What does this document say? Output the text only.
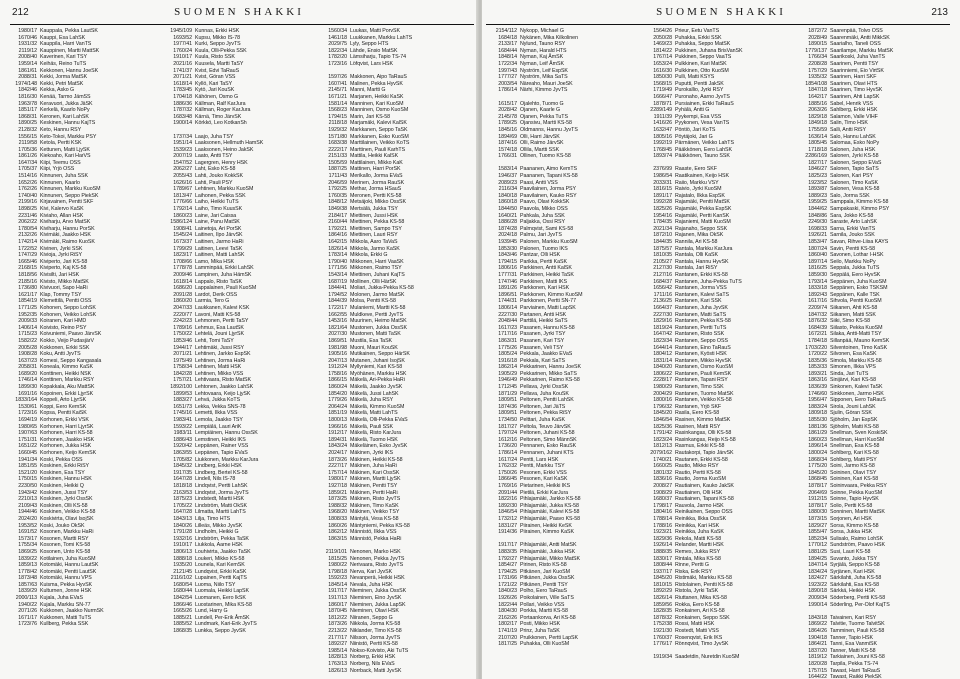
212	SUOMEN SHAKKI
1980/17 Kauppala, Pekka LautSK
1670/46 Kauppi, Esa LahSK
1931/32 Kauppila, Harri VanTS
2119/12 Kauppinen, Martti MattSK
2008/40 Kaverinen, Kari TSY
1959/14 Keihäs, Reino TuTS
1861/61 Kekkonen, Hannu JoeSK
2088/31 Kekki, Jorma MatSK
1974/148 Kekki, Petri MatSK
1842/46 Kekka, Asko G
1816/30 Kenää, Tarmo JämSS
1963/78 Keravuori, Jukka JäSK
1851/17 Kerkelä, Kaarlo NoPy
1868/31 Keronen, Kari LahSK
1890/25 Keskinen, Hannu KajTS
2128/32 Keto, Hannu RSY
1556/15 Keto-Tokoi, Markku PSY
2119/58 Ketola, Pertti KSK
1705/36 Kettunen, Matti LjySK
1861/26 Kiekoaho, Kari HarVS
1647/34 Kiipi, Teemu OSS
1705/37 Kiipi, Yrjö OSS
1514/16 Kinnunen, Juha SSK
1652/26 Kinnunen, Kaarlo
1762/26 Kinnunen, Markku KuoSM
1740/40 Kinnunen, Seppo PiekSK
2199/16 Kirjavainen, Pentti SKF
1898/25 Kivi, Kalervo KaSK
2231/46 Kiviaho, Allan HSK
2062/22 Kiviharju, Arvo MatSK
1780/54 Kiviharju, Hannu PorSK
2132/26 Kivimäki, Jaakko HSK
1742/14 Kivimäki, Raimo KuoSK
1722/52 Kivinen, Jyrki SSK
1747/29 Kivioja, Jyrki RiSY
1665/46 Kiviperto, Jari KS-58
2168/15 Kiviperto, Kaj KS-58
1818/56 Kivisilti, Jari HSK
2185/16 Kivisto, Mikko MatSK
1736/80 Kivivuori, Sapo HaRi
1621/17 Klap, Tommy TSY
1854/19 Klemettilä, Pentti OSS
1771/25 Kohonen, Seppo LohSK
1952/35 Kohonen, Veikko LohSK
2009/33 Koiranen, Kari HMD
1406/14 Koivisto, Reino PSY
1715/23 Koivuniemi, Paavo JärvSK
1582/22 Kokko, Veijo PudasjärV
2005/28 Kokkonen, Erkki SSK
1908/28 Koku, Antti JyvTS
1637/23 Komesi, Seppo Kangasala
2058/31 Koneala, Kimmo KaSK
1689/20 Konttinen, Heikki NSK
1746/14 Konttinen, Markku RSY
1899/30 Kopakkala, Aku MattSK
1691/16 Kopoinen, Erkki LjyrSK
1833/164 Koppeli, Arto LjyrSK
1530/61 Koppi, Eero KemSK
1723/16 Kopsa, Pentti KaiSK
1694/19 Korhonen, Erkki VSK
1980/65 Korhonen, Harri LjyrSK
1907/63 Korhonen, Harri KS-58
1751/31 Korhonen, Jaakko HSK
1651/22 Korhonen, Jukka HSK
1660/45 Korhonen, Keijo KemSK
1941/34 Koski, Pekka OSS
1851/55 Koskinen, Erkki RiSY
1521/20 Koskinen, Esa TSY
1750/15 Koskinen, Hannu HSK
2230/50 Koskinen, Heikki Q
1943/42 Koskinen, Jussi TSY
2210/13 Koskinen, Jyrki OssSK
2109/43 Koskinen, Olli KS-58
1944/46 Koskinen, Veikko KS-58
2024/20 Koskivirta, Olavi IsojSK
1953/52 Koski, Jouko OkSK
1691/52 Kosonen, Markku HaRi
1573/17 Kosonen, Martti RSY
1755/34 Kosonen, Tomi KS-58
1869/25 Kosonen, Unto KS-58
1839/22 Kotilainen, Juha KuoSM
1859/13 Kotomäki, Hannu LautSK
1778/42 Kotomäki, Pentti LautSK
1873/48 Kotomäki, Hannu VPS
1857/63 Kuisma, Pekka HyvSK
1839/29 Kulturnen, Jonne HSK
2000/113 Kujala, Juha EVaS
1940/22 Kujala, Markku SN-77
2071/26 Kukkonen, Jaakko NurmSK
1671/17 Kukkonen, Matti TuTS
1723/76 Kullberg, Pekka SSK
1945/109 Kunnas, Erkki HSK
1693/52 Kupsu, Mikko IS-78
1977/41 Kurki, Seppo JyvTS
1760/24 Kuula, Olli-Pekka SSK
1910/17 Kuula, Risto SSK
2021/16 Kuusela, Martti TaSY
1741/37 Kvist, Edvi TaRauS
2071/21 Kvist, Göran VSS
1618/14 Kyllö, Kari TaSY
1783/45 Kytö, Jari KouSK
1704/18 Kähönen, Osmo G
1886/36 Källman, Ralf KarJura
1787/32 Källman, Roger KarJura
1683/48 Kärnä, Timo JärvSK
1900/14 Körkkö, Leo KotkanSh

1737/34 Laajo, Juha TSY
1951/14 Laaksonen, Hellmuth HamSK
1539/23 Laaksonen, Heino JakSK
2007/19 Laato, Antti TSY
1547/52 Lagergren, Henry HSK
2062/27 Laht, Esko KS-58
2055/43 Lahti, Jouko KokkSK
1626/16 Lahti, Pauli PSY
1789/67 Lehtinen, Markku KuoSM
1813/47 Laihonen, Pekka SSK
1776/66 Laiho, Heikki TuTS
1792/14 Laiho, Timo KuusSK
1860/23 Laine, Jari Caissa
1586/124 Laine, Panu MatSK
1908/41 Lainetoja, Ari PorSK
1545/24 Laitinen, Ilpo JärvSK
1673/37 Laitinen, Jarmo HaRi
1799/29 Laitinen, Leevi TaSK
1823/17 Laitinen, Matti LahSK
1708/66 Lamo, Mika HSK
1778/78 Lamminpää, Erkki LahSK
2009/46 Lampinen, Juha HämSK
1618/14 Lappalo, Risto TaSK
1686/20 Lappalainen, Pauli KuoSM
2091/28 Lardot, Derik OSS
1860/20 Larmia, Tero G
2047/33 Laukkanen, Kalevi KSK
2220/77 Lavoni, Matti KS-58
2242/23 Lehmonen, Pertti TaSY
1789/16 Lehmus, Esa LautSK
1750/22 Lehtelä, Jouni LjyrSK
1853/46 Lehti, Tomi TaSY
1944/17 Lehtimäki, Jussi RSY
2071/21 Lehtinen, Jarkko EspSK
1975/49 Lehtinen, Jorma HaRi
1758/34 Lehtinen, Matti HSK
1842/28 Lehtinen, Mikko VSS
1757/21 Lehtivaara, Risto MatSK
1892/100 Lehtonen, Jaakko LahSK
1899/53 Lehtovaara, Keijo LjySK
1883/27 Lehvä, Jukka KoTS
1651/73 Lekka, Vekka SNS-78
1745/16 Lemetti, Ilkka VSS
1983/41 Lemola, Jaakko TSY
1593/22 Lempiälä, Lauri AriK
1983/11 Lempiäinen, Hannu OssSK
1886/43 Lemstinen, Heikki IKS
1920/42 Leppänen, Rainer VSS
1863/55 Leppänen, Tapio EVaS
1705/82 Liukkonen, Markku KarJura
1845/32 Lindberg, Erkki HSK
1917/35 Lindberg, Bertel KS-58
1647/28 Lindell, Nils IS-78
1818/18 Lindqvist, Pertti LahSK
2163/53 Lindqvist, Jorma JyvTS
1875/23 Lindstedt, Martti HSK
1705/22 Lindström, Matti OkSK
1647/28 Lilmatta, Martti LahTS
1843/13 Lilja, Timo HTS
1840/26 Lilleäs, Mikko JyvSK
1791/28 Lindholm, Heikki G
1932/16 Lindström, Pekka TaSK
1910/17 Liukkola, Aarne HSK
1806/13 Louhivirta, Jaakko TaSK
1888/18 Loukeri, Mikko KS-58
1935/20 Lounela, Kari KemSK
2121/45 Lundqvist, Erkki KaSK
2116/102 Lupainen, Pertti KajTS
1680/54 Luoma, Niilo TSY
1680/44 Luomala, Heikki LapSK
1842/54 Luomanen, Eero IkSK
1866/46 Luostarinen, Mika KS-58
1665/26 Lund, Harry G
1885/21 Lundell, Per-Erik ÅmSK
1885/52 Lundmark, Kari-Erik JyvTS
1868/35 Lunkka, Seppo JyvSK
1560/34 Luukas, Matti PorvSK
1461/18 Luukkanen, Markku LahTS
2029/75 Lyly, Seppo HTS
1822/34 Lähde, Ensio MatSK
1782/20 Lämsiharju, Tapio TS-74
1723/16 Löfqvist, Lars HSK

1597/26 Makkonen, Aipo TaRauS
1607/41 Malinen, Pekka HyvSK
2145/71 Manni, Martti G
1671/21 Marjanen, Heikki KaSK
1581/14 Manninen, Kari KuoSM
1568/23 Manninen, Osmo KuoSM
1794/15 Marin, Jari KS-58
2118/18 Marjamäki, Kalevi KalSK
1929/32 Markkanen, Seppo TaSK
1571/80 Markkanen, Esko KuoSM
1683/38 Marttilainen, Veikko KoTS
2222/17 Marttinen, Pauli KarhTS
2151/33 Mattila, Heikki KalSK
1505/59 Mattilainen, Mikko KaK
1887/25 Mattinen, Harri PorSK
1711/43 Merikallo, Jorma EVaS
2046/59 Merinen, Jorma RauSK
1792/25 Methar, Jorma HSauS
1760/35 Meronen, Pertti KS-58
1848/12 Metsäjoki, Mikko OssSK
1849/38 Mertsälä, Jukka TSY
2184/17 Miettinen, Jussi HSK
2160/44 Miettinen, Pekka KS-58
1792/21 Miettinen, Sampo TSY
1864/16 Miettinen, Lauri RSY
1642/15 Mikkola, Aaro TaVaS
1826/14 Mikkola, Jarmo KaSK
1783/14 Mikkola, Erkki G
1790/40 Mikkonen, Harri VaaSK
1771/56 Mikkonen, Raimo TSY
1543/14 Miettinen, Juhani KajTS
1687/19 Mollinen, Olli HärSK
1844/41 Moliari, Jukka-Pekka KS-58
1794/52 Molonen, Jarmo MatSK
1844/39 Molsa, Pentti KS-58
1722/17 Mulaniemi, Martti KS-58
1662/55 Muldkeve, Pertti JyvTS
1453/16 Muurinen, Heimo MatSK
1821/64 Mustonen, Jukka OssSK
2027/30 Mustonen, Matti TaSK
1869/51 Mustila, Esa TaSK
1981/98 Muoni, Mauri KouSK
1905/16 Mutikainen, Seppo HärSK
2047/13 Mutanen, Juhani IsojSK
1912/24 Myllyniemi, Kari KS-58
1758/16 Myöhänen, Markku HSK
1866/15 Mäkelä, Ari-Pekka HaRi
1860/24 Mäkelä, Jaakko JyvSK
1854/20 Mäkelä, Jussi LahSK
1779/26 Mäkelä, Juha RSY
2064/24 Mäkelä, Kimmo KuoSM
1851/19 Mäkelä, Matti LahTS
1800/13 Mäkelä, Olli-Pekka EVaS
1966/16 Mäkelä, Pauli SSK
1912/17 Mäkelä, Risto KarJura
1894/31 Mäkelä, Tuomo HSK
1843/24 Mäkeläinen, Esko JyvSK
2024/17 Mäkinen, Jyrki IKS
1873/26 Mäkinen, Heikki KS-58
2227/17 Mäkinen, Juha HaRi
1757/14 Mäkinen, Kari OssSK
1980/17 Mäkinen, Martti LjySK
1927/18 Mäkinen, Pentti TSY
1859/21 Mäkinen, Pertti HaRi
1873/25 Mäkinen, Risto JyvTS
1988/32 Mäkinen, Timo KaSK
1968/20 Mäkinen, Veikko TSY
1808/33 Mäntylä, Vesa KS-58
1860/26 Mäntyniemi, Pekka KS-58
1862/12 Männistö, Ilkka VSS
1863/15 Männistö, Pekka HaRi

2119/101 Nenonen, Marko HSK
1815/25 Nenonen, Pekka JyvTS
1980/22 Nerivaara, Risto JyvTS
1798/18 Nerva, Kari JyvSK
1592/23 Nevanperä, Heikki HSK
1845/14 Nevala, Juha HSK
1917/17 Nieminen, Jukka OssSK
1917/13 Nieminen, Eino JyvSK
1860/17 Nieminen, Jukka LapSK
1870/45 Nieminen, Olavi HSK
1812/22 Niiranen, Seppo G
1873/26 Nikkola, Jorma KS-58
2213/22 Niklander, Timo KS-58
2177/17 Nilsson, Jorma JyvTS
1892/27 Niinistö, Pertti KS-58
1985/14 Nokso-Koivisto, Aki TuTS
1828/13 Norberg, Erkki HSK
1763/13 Norberg, Nils EVaS
1826/13 Norrback, Matti JyvSK
SUOMEN SHAKKI	213
2154/112 Nykopp, Michael G
1684/18 Nykänen, Mika Kilkolinen
2133/17 Nylund, Tauno RSY
1684/44 Nyman, Harald HTS
1848/14 Nyman, Kaj ÅmSK
1722/34 Nyman, Leif ÅmSK
1997/43 Nyström, Leif EspSK
1777/27 Nyström, Mika SaTS
2003/54 Näreaho, Mauri JoeSK
1786/14 Närhi, Kimmo JyvTS

1615/17 Ojalehto, Tuomo G
2028/42 Ojanen, Kaarle G
2145/78 Ojanen, Pekka TuTS
1789/25 Ojansivu, Martti KS-58
1845/16 Oldmanns, Hannu JyvTS
1894/69 Olli, Harri JärvSK
1874/16 Olli, Raimo JärvSK
1574/18 Ollila, Martti SSK
1766/31 Ollinen, Tuomo KS-58

1583/14 Paananen, Aimo KemTS
1946/37 Paananen, Tapani KS-58
2089/23 Paasi, Antti VSS
2116/34 Paavilainen, Jorma PSY
1840/18 Paavilainen, Kauko RSY
1860/18 Paavo, Olavi KokkSK
1844/50 Paavola, Mikko OSS
1640/21 Pahkala, Juha SSK
1886/28 Paljakka, Ossi RSY
1874/28 Palmqvist, Sami KS-58
2024/18 Palmu, Jari JyvTS
1939/45 Palonen, Markku KuoSM
1853/30 Palonen, Tuomo IKS
1843/46 Pantzar, Olli HSK
1794/15 Parikka, Pertti KaSK
1806/16 Parkkinen, Antti KalSK
1777/31 Parkkinen, Heikki TaSK
1747/46 Parkkinen, Matti IKS
1891/26 Parkkonen, Kari HSK
1896/51 Parkkonen, Kimmo KuoSM
1744/31 Parkkonen, Pertti SN-77
1806/14 Parviainen, Matti LapSK
2227/30 Partanen, Antti HSK
2048/44 Parttilä, Heikki SaTS
1617/23 Pasanen, Hannu KS-58
1717/16 Pasanen, Jyrki TSY
1863/31 Pasanen, Kari TSY
1775/26 Pasanen, Veli TSY
1805/24 Pekkala, Jaakko EVaS
1916/18 Pekkala, Kari SaTS
1862/14 Pekkarinen, Hannu JoeSK
1905/29 Pekkarinen, Mikko SaTS
1946/49 Pekkarinen, Raimo KS-58
1712/45 Pellava, Jyrki OssSK
1871/29 Pellava, Juha KouSK
1809/51 Peltonen, Pentti LahSK
1874/36 Peltonen, Jari JäTS
1809/51 Peltonen, Pekka RiSY
1734/50 Pelttari, Juha KaSK
1817/27 Peltola, Teuvo JärvSK
1797/24 Peltonen, Juhani KS-58
1612/16 Peltonen, Simo MännSK
1736/20 Pennanen, Esko RauSK
1786/14 Pennanen, Juhani KTS
1617/24 Pentti, Lars HSK
1762/32 Pentti, Markku TSY
1750/26 Pesonen, Erkki VSS
1866/45 Pesonen, Kari KaSK
1769/16 Pietarinen, Heikki IKS
2091/44 Pietilä, Erkki KarJura
1822/16 Pihlajamäki, Jarkko KS-58
1892/30 Pihlajamäki, Jukka KS-58
1846/54 Pihlajamäki, Kalevi KS-58
1732/12 Pihlajamäki, Paavo KS-58
1831/27 Piirainen, Heikki KeSK
1914/36 Piirainen, Kimmo KaSK

1917/17 Pihlajamäki, Antti MatSK
1883/35 Pihlajamäki, Jukka HSK
1792/27 Pihlajamäki, Mikko MatSK
1854/27 Pirinen, Risto KS-58
1794/25 Pitkänen, Jari KuoSM
1731/66 Pitkänen, Jukka OssSK
1721/22 Pitkänen, Pentti TSY
1840/23 Polho, Eero TaRauS
1926/26 Poikolainen, Ville SaTS
1822/44 Pollari, Veikko VSS
1804/30 Porkka, Martti KS-58
2162/26 Portaankorva, Ari KS-58
1802/17 Posti, Mikko HSK
1741/19 Prinz, Juha TaSK
2107/20 Pruikkonen, Pertti LapSK
1817/25 Puhakka, Olli KuoSM
1564/26 Prieur, Eetu VanTS
2050/28 Puhakka, Erkki SSK
1469/23 Puhakka, Seppo MatSK
1814/22 Pukkinen, Juhana BrisVanSK
1767/14 Pukkinen, Seppo VaaTS
1653/24 Pulkkinen, Kari MatSK
1616/30 Pulkkinen, Otto KuoSM
1850/30 Pulli, Matti KSYS
1568/15 Puputti, Pentti JakSK
1719/49 Purokallio, Jyrki RSY
1666/47 Puronaho, Aarno JyvTS
1878/71 Pursiainen, Erkki TaRauS
2289/149 Pyhälä, Antti G
1911/39 Pyykempi, Esa VSS
1416/26 Pyykonen, Vesa VanTS
1632/47 Pöntiö, Jari KoTS
1805/16 Pöytäjoki, Jari G
1992/19 Pärmänen, Veikko LahTS
1768/45 Pääkkönen, Eero LahSK
1893/74 Pääkkönen, Tauno SSK

2376/99 Raaste, Eero SKF
1986/54 Raatikainen, Keijo HSK
2033/31 Raiio, Markku VSY
1816/15 Raivio, Jyrki KuoSM
1891/17 Rajatalo, Ilkka EspSK
1992/28 Rajamäki, Pentti MatSK
1825/26 Rajamäki, Pekka EspSK
1954/16 Rajamäki, Pertti KanSK
1784/35 Rajaniemi, Matti KuoSM
2021/34 Rajanaho, Seppo SSK
1872/10 Rajanen, Mika OkSK
1844/35 Rannila, Ari KS-58
1875/57 Rantala, Markku KarJura
1810/35 Rantala, Olli KaSK
2105/27 Rantala, Hannu HyvSK
2127/30 Rantala, Jari RiSY
2127/16 Rantanen, Erkki KS-58
1684/37 Rantanen, Juha-Pekka TuTS
1656/42 Rantanen, Jorma VSS
1711/16 Rantanen, Kalevi SaTS
2136/25 Rantanen, Kari SSK
1664/37 Rantanen, Juha JyvSK
2227/30 Rantanen, Matti SaTS
1829/16 Rantanen, Pekka KS-58
1819/24 Rantanen, Pertti TuTS
1647/42 Rantanen, Risto SSK
1823/34 Rantanen, Seppo OSS
1644/14 Rantanen, Eino TaRauS
1804/12 Rantanen, Kyösti HSK
1831/14 Rantanen, Mikko HyvSK
1840/20 Rantanen, Osmo KuoSM
1806/22 Rantanen, Pauli KemSK
2228/17 Rantanen, Tapani RSY
1980/29 Rantanen, Timo SSK
2004/29 Rantanen, Tuomo MatSK
1800/16 Rantanen, Veikko KS-58
1796/32 Rantanen, Yrjö SKF
1845/20 Rasila, Eero KS-58
1846/54 Rasinen, Kimmo MatSK
1825/36 Rasinen, Matti RSY
1791/42 Rasinkangas, Olli KS-58
1823/24 Rasinkangas, Reijo KS-58
1812/13 Rasmus, Erkki KS-58
2079/162 Rautakorpi, Tapio JärvSK
1740/21 Rautanen, Erkki KS-58
1660/25 Rautio, Mikko RSY
1801/32 Rautio, Pertti KS-58
1836/16 Rautio, Jorma KuoSM
2008/27 Rautiainen, Kauko JakSK
1908/29 Rautiainen, Olli HSK
1680/37 Rautiainen, Tapani KS-58
1798/17 Rauvola, Jarmo HSK
1804/16 Reinikainen, Seppo OSS
1788/14 Reinikka, Ilkka OssSK
1788/16 Reinikka, Kari HSK
1923/21 Reinikka, Juha KaSK
1829/36 Rekola, Matti KS-58
1926/14 Relander, Martti HSK
1888/35 Remes, Jukka RSY
1830/17 Rintala, Mika KS-58
1808/44 Rinne, Pertti G
1937/17 Riska, Erik RSY
1845/20 Ristimäki, Markku KS-58
1810/15 Ristolainen, Pentti KS-58
1892/29 Ristola, Jyrki TaSK
1826/14 Riuttanen, Mika KS-58
1859/56 Rokka, Eero KS-58
1828/35 Ronkainen, Ari KS-58
1878/32 Ronkainen, Seppo SSK
1752/38 Rossi, Matti HSK
1921/30 Rostedt, Matti VSS
1760/37 Rosenqvist, Erik IKS
1776/17 Rönnqvist, Timo JyvSK

1919/34 Saadetdin, Nuretdin KuoSM
1872/72 Saarenpää, Tolvo OSS
2028/49 Saarenmäki, Antti MikkSK
1890/15 Saarialho, Taneli OSS
1779/137 Saarilampe, Markku MatSK
1766/34 Saarikoski, Juha VanTS
2208/28 Saarinen, Pentti TSY
1757/29 Saarinniemi, Eio VirtSK
1935/32 Saarinen, Harri SKF
1854/108 Saarinen, Olavi HTS
1847/18 Saarinen, Timo HyvSK
1642/17 Saarinen, Ahti LapSK
1885/16 Sabel, Henrik VSS
2063/26 Sahlberg, Erkki HSK
1829/18 Salamon, Valle VIHF
1849/18 Salin, Timo HSK
1755/59 Salli, Antti RiSY
1636/14 Salo, Hannu LahSK
1805/45 Salomaa, Esko NoPy
1718/18 Salonen, Juha HSK
2286/169 Salonen, Jyrki KS-58
1827/17 Salonen, Seppo EVaS
1846/27 Salonen, Tapio SaTS
1825/23 Salonen, Kari PSY
1923/52 Salonen, Timo KaSK
1893/87 Salonen, Vesa KS-58
1889/23 Salo, Jorma SSK
1959/25 Samppala, Kimmo KS-58
1844/62 Sampakaski, Kimmo PSY
1848/86 Sara, Jokko KS-58
2249/30 Saraste, Arto LahSK
1698/33 Sarna, Erkki VanTS
1926/21 Sarnila, Jouko SSK
1853/47 Savan, Rihve-Liisa KAYS
1807/24 Savin, Pentti KS-58
1860/40 Savonen, Lothar I-HSK
1897/14 Seilo, Markku NoPy
1816/25 Seppala, Jukka TuTS
1859/30 Seppälä, Eero HyvSK
1793/14 Seppänen, Juha KuoSM
1833/18 Seppänen, Esko TSKSM
1892/43 Seppänen, Kalle TSK
1617/16 Sihvola, Pentti KuoSM
2209/74 Siikanen, Ahti KS-58
1847/32 Siikanen, Matti SSK
1876/32 Siiki, Simo KS-58
1684/39 Siilasto, Pekka KuoSM
1672/21 Silaka, Antti-Matti TSY
1784/18 Sillanpää, Mauno KemSK
1703/220 Silventoinen, Timo KaSK
1720/22 Silvonen, Esa KaSK
1835/36 Simola, Markku KS-58
1853/33 Simonen, Ilkka VPS
1893/21 Sinda, Jari TuTS
1863/16 Sinijärvi, Kari KS-58
1836/39 Sinkonen, Kalevi TaSK
1746/60 Sinkkonen, Jarmo HSK
1956/47 Sipponen, Eero TaRauS
1883/24 Sirola, Jouni LahSK
1809/18 Sjulin, Göran SSK
1855/30 Sjöholm, Jan EspSK
1881/36 Sjöholm, Matti KS-58
1861/29 Snellman, Sven KoskiSK
1860/23 Snellman, Harri KuoSM
1896/14 Snellman, Esa KS-58
1800/24 Sohlberg, Kari KS-58
1868/34 Sohlberg, Matti PSY
1775/20 Soini, Jarmo KS-58
1845/20 Soininen, Olavi TSY
1868/45 Soininen, Kari KS-58
1878/17 Soininvaara, Pekka RSY
2064/69 Soinne, Pekka KuoSM
1912/15 Soinne, Tapio HyvSK
1878/17 Solio, Pertti KS-58
1880/30 Sonninen, Martti MatSK
1873/15 Sorjonen, Ari HSK
1829/27 Sorsa, Kimmo KS-58
1855/47 Sorsa, Jukka HSK
1852/34 Sulisalo, Raimo LohSK
1770/12 Sundström, Paavo HSK
1881/25 Susi, Lauri KS-58
1894/25 Suvanto, Jukka TSY
1847/14 Syrjälä, Seppo KS-58
1834/24 Syrjänen, Kari HSK
1824/27 Särkilahti, Juha KS-58
1923/22 Särkilahti, Esa KS-58
1890/18 Särkkä, Heikki HSK
2009/34 Söderberg, Pertti KS-58
1990/14 Söderling, Per-Olof KajTS

1843/18 Taivainen, Kari RSY
1869/22 Talvitie, Tuomo TalvitSK
1864/26 Tamminen, Pauli KS-58
1904/18 Tanner, Tapio HSK
1864/21 Tanni, Esa VanmiSK
1837/20 Tanner, Matti KS-58
1819/12 Tarkiainen, Jouni KS-58
1820/28 Tarpila, Pekka TS-74
1757/15 Tawast, Harri TaRauS
1644/22 Tawast, Raikki PiekSK
